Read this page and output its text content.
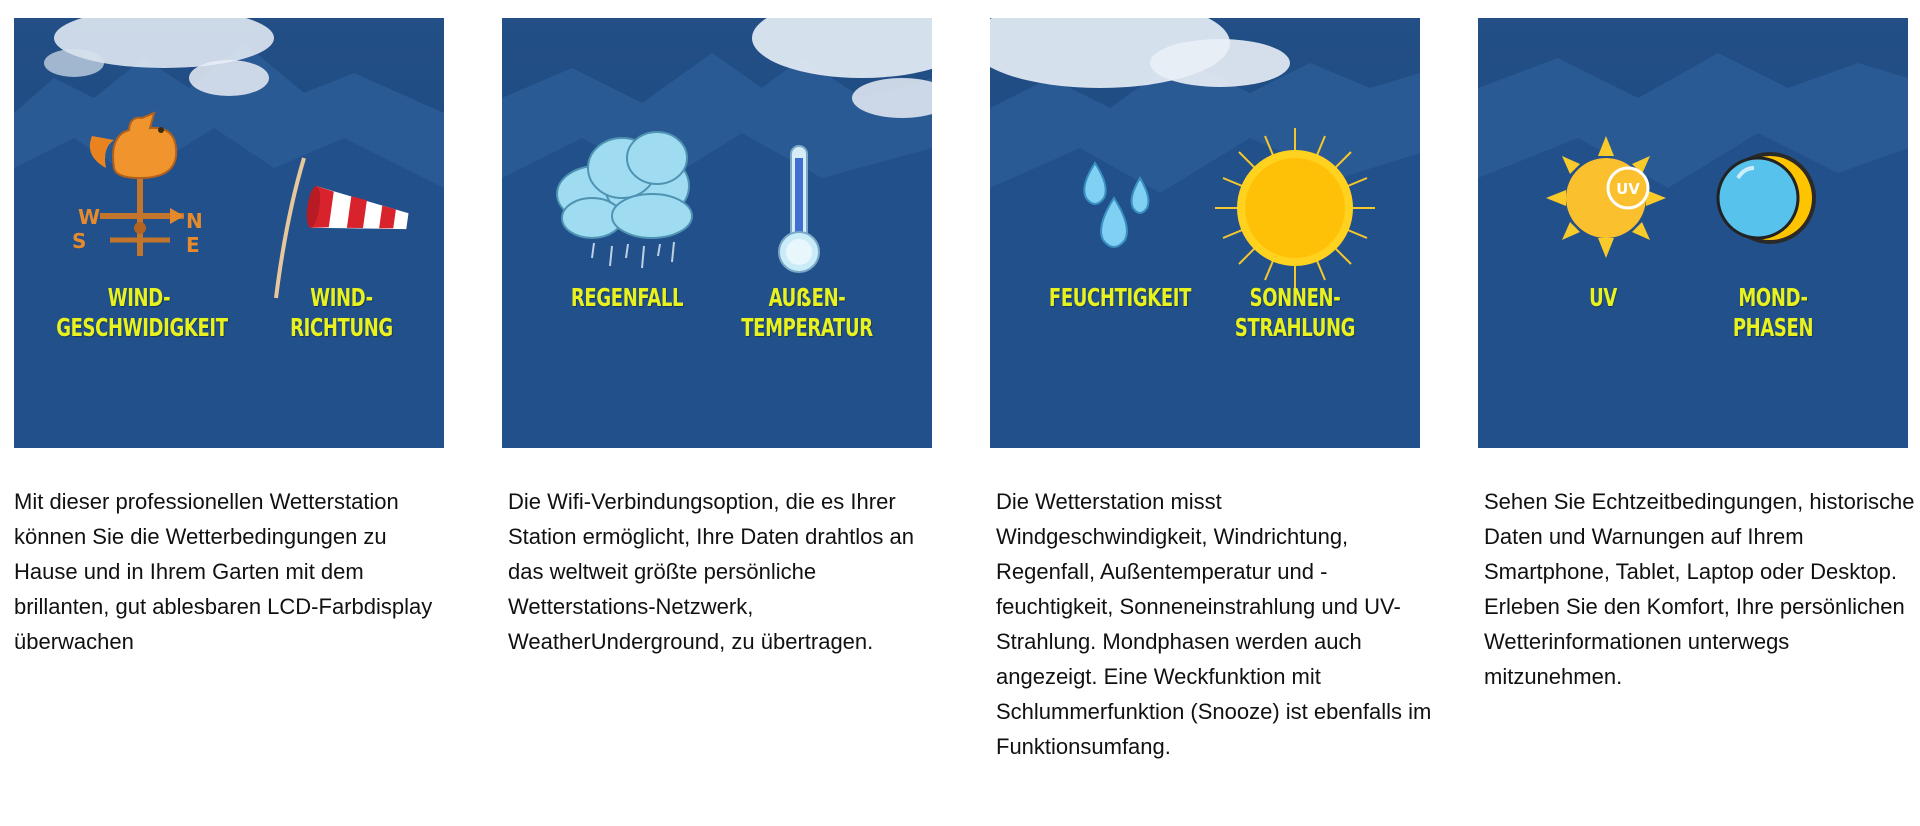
W
S
N
E
WIND-
GESCHWIDIGKEIT
WIND-
RICHTUNG
Mit dieser professionellen Wetterstation können Sie die Wetterbedingungen zu Hause und in Ihrem Garten mit dem brillanten, gut ablesbaren LCD-Farbdisplay überwachen
REGENFALL	AUẞEN-
TEMPERATUR
Die Wifi-Verbindungsoption, die es Ihrer Station ermöglicht, Ihre Daten drahtlos an das weltweit größte persönliche Wetterstations-Netzwerk, WeatherUnderground, zu übertragen.
FEUCHTIGKEIT	SONNEN-
STRAHLUNG
Die Wetterstation misst Windgeschwindigkeit, Windrichtung, Regenfall, Außentemperatur und -feuchtigkeit, Sonneneinstrahlung und UV-Strahlung. Mondphasen werden auch angezeigt. Eine Weckfunktion mit Schlummerfunktion (Snooze) ist ebenfalls im Funktionsumfang.
UV
UV	MOND-PHASEN
Sehen Sie Echtzeitbedingungen, historische Daten und Warnungen auf Ihrem Smartphone, Tablet, Laptop oder Desktop. Erleben Sie den Komfort, Ihre persönlichen Wetterinformationen unterwegs mitzunehmen.
